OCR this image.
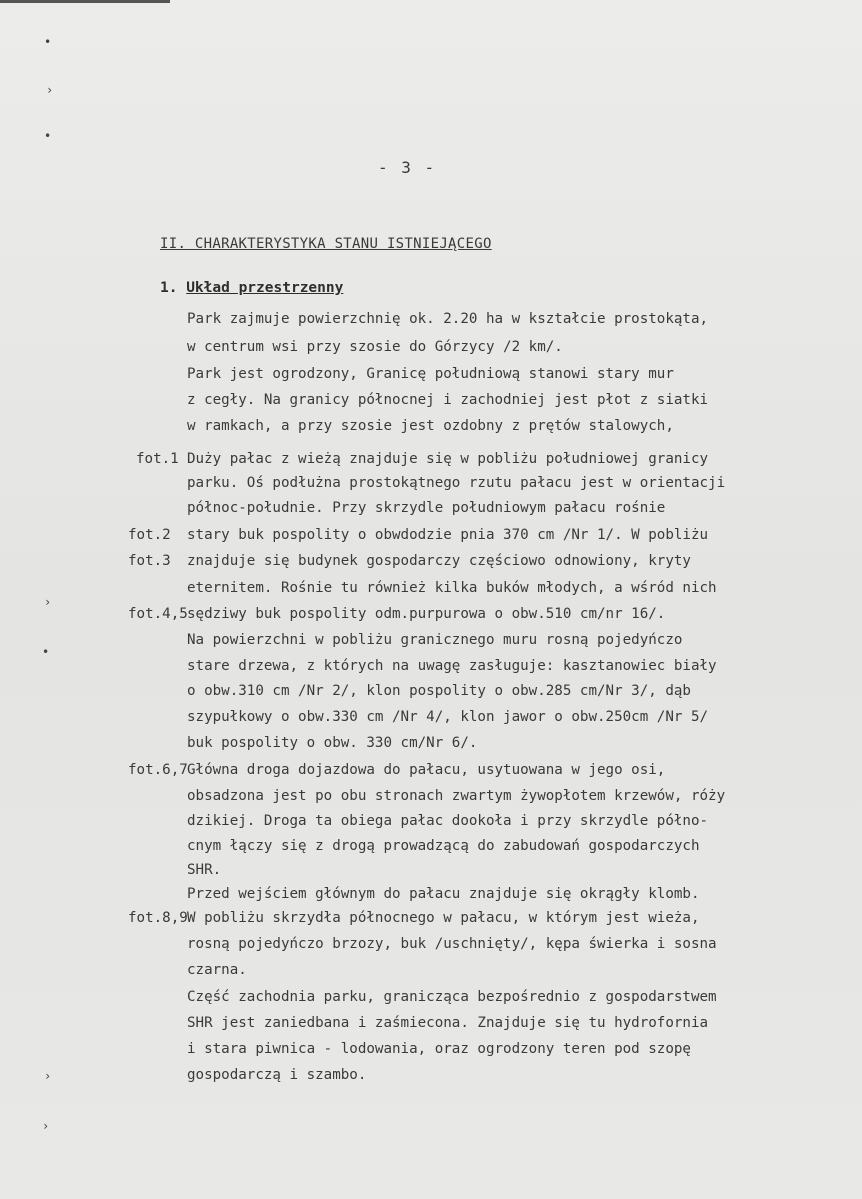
•
›
•
›
•
›
›
- 3 -
II. CHARAKTERYSTYKA STANU ISTNIEJĄCEGO
1. Układ przestrzenny
Park zajmuje powierzchnię ok. 2.20 ha w kształcie prostokąta,
w centrum wsi przy szosie do Górzycy /2 km/.
Park jest ogrodzony, Granicę południową stanowi stary mur
z cegły. Na granicy północnej i zachodniej jest płot z siatki
w ramkach, a przy szosie jest ozdobny z prętów stalowych,
Duży pałac z wieżą znajduje się w pobliżu południowej granicy
parku. Oś podłużna prostokątnego rzutu pałacu jest w orientacji
północ-południe. Przy skrzydle południowym pałacu rośnie
stary buk pospolity o obwdodzie pnia 370 cm /Nr 1/. W pobliżu
znajduje się budynek gospodarczy częściowo odnowiony, kryty
eternitem. Rośnie tu również kilka buków młodych, a wśród nich
sędziwy buk pospolity odm.purpurowa o obw.510 cm/nr 16/.
Na powierzchni w pobliżu granicznego muru rosną pojedyńczo
stare drzewa, z których na uwagę zasługuje: kasztanowiec biały
o obw.310 cm /Nr 2/, klon pospolity o obw.285 cm/Nr 3/, dąb
szypułkowy o obw.330 cm /Nr 4/, klon jawor o obw.250cm /Nr 5/
buk pospolity o obw. 330 cm/Nr 6/.
Główna droga dojazdowa do pałacu, usytuowana w jego osi,
obsadzona jest po obu stronach zwartym żywopłotem krzewów, róży
dzikiej. Droga ta obiega pałac dookoła i przy skrzydle półno-
cnym łączy się z drogą prowadzącą do zabudowań gospodarczych
SHR.
Przed wejściem głównym do pałacu znajduje się okrągły klomb.
W pobliżu skrzydła północnego w pałacu, w którym jest wieża,
rosną pojedyńczo brzozy, buk /uschnięty/, kępa świerka i sosna
czarna.
Część zachodnia parku, granicząca bezpośrednio z gospodarstwem
SHR jest zaniedbana i zaśmiecona. Znajduje się tu hydrofornia
i stara piwnica - lodowania, oraz ogrodzony teren pod szopę
gospodarczą i szambo.
fot.1
fot.2
fot.3
fot.4,5
fot.6,7
fot.8,9
